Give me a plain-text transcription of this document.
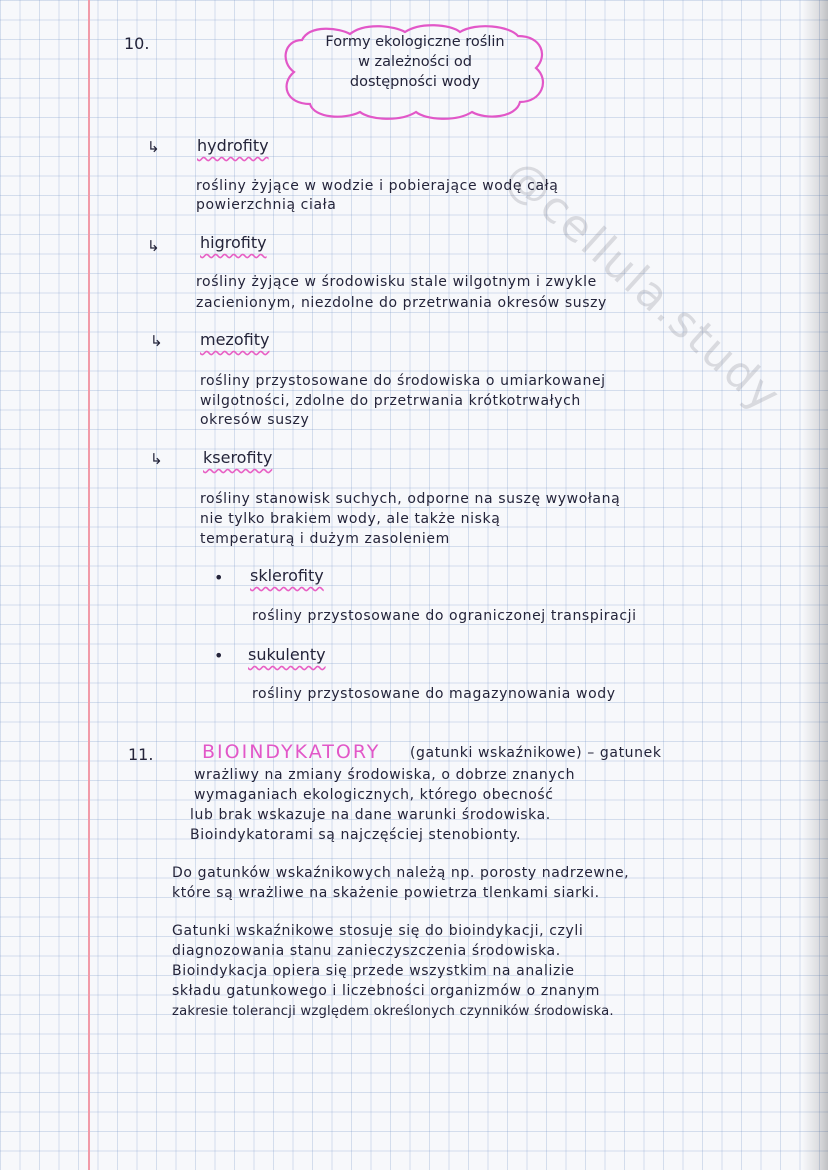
@cellula.study
10.	Formy ekologiczne roślin
w zależności od
dostępności wody
↳ hydrofity
rośliny żyjące w wodzie i pobierające wodę całą
powierzchnią ciała
↳	higrofity
rośliny żyjące w środowisku stale wilgotnym i zwykle
zacienionym, niezdolne do przetrwania okresów suszy
↳ mezofity
rośliny przystosowane do środowiska o umiarkowanej
wilgotności, zdolne do przetrwania krótkotrwałych
okresów suszy
↳	kserofity
rośliny stanowisk suchych, odporne na suszę wywołaną
nie tylko brakiem wody, ale także niską
temperaturą i dużym zasoleniem
• sklerofity
rośliny przystosowane do ograniczonej transpiracji
• sukulenty
rośliny przystosowane do magazynowania wody
11.	BIOINDYKATORY (gatunki wskaźnikowe) – gatunek
wrażliwy na zmiany środowiska, o dobrze znanych
wymaganiach ekologicznych, którego obecność
lub brak wskazuje na dane warunki środowiska.
Bioindykatorami są najczęściej stenobionty.
Do gatunków wskaźnikowych należą np. porosty nadrzewne,
które są wrażliwe na skażenie powietrza tlenkami siarki.
Gatunki wskaźnikowe stosuje się do bioindykacji, czyli
diagnozowania stanu zanieczyszczenia środowiska.
Bioindykacja opiera się przede wszystkim na analizie
składu gatunkowego i liczebności organizmów o znanym
zakresie tolerancji względem określonych czynników środowiska.
